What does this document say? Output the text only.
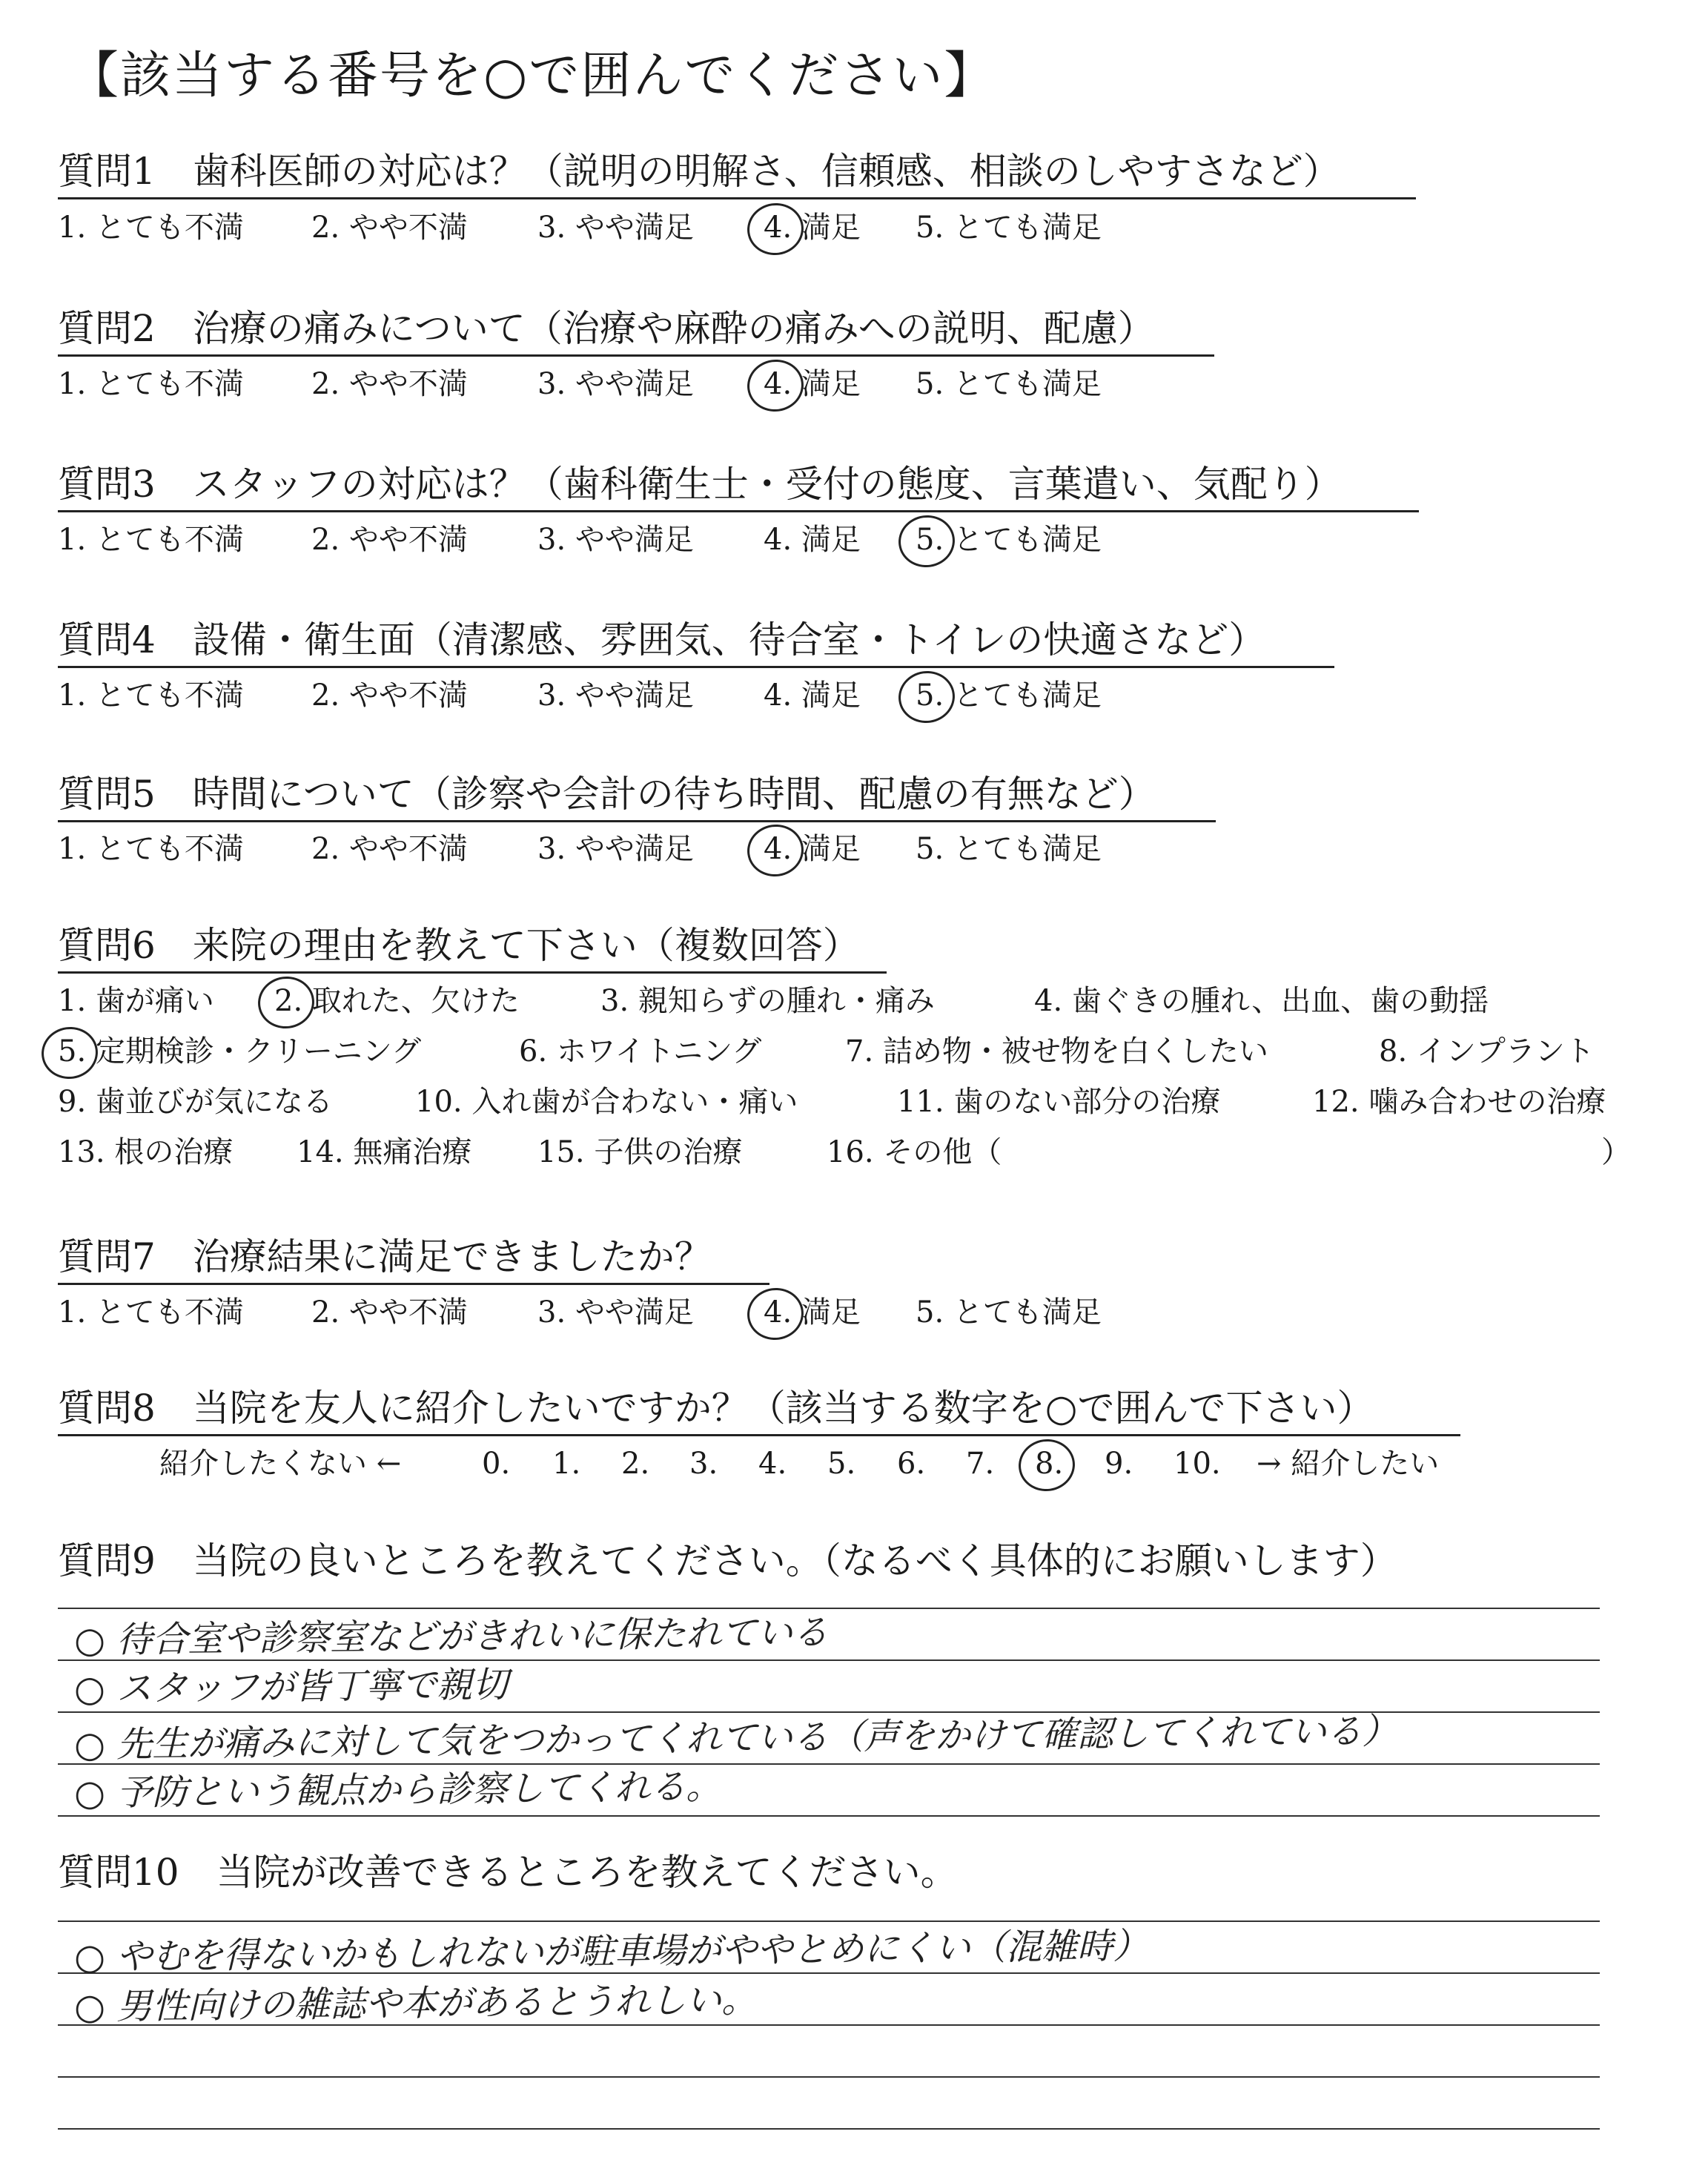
【該当する番号を○で囲んでください】
質問1　歯科医師の対応は？（説明の明解さ、信頼感、相談のしやすさなど）
1. とても不満 2. やや不満 3. やや満足 4. 満足 5. とても満足
質問2　治療の痛みについて（治療や麻酔の痛みへの説明、配慮）
1. とても不満 2. やや不満 3. やや満足 4. 満足 5. とても満足
質問3　スタッフの対応は？（歯科衛生士・受付の態度、言葉遣い、気配り）
1. とても不満 2. やや不満 3. やや満足 4. 満足 5. とても満足
質問4　設備・衛生面（清潔感、雰囲気、待合室・トイレの快適さなど）
1. とても不満 2. やや不満 3. やや満足 4. 満足 5. とても満足
質問5　時間について（診察や会計の待ち時間、配慮の有無など）
1. とても不満 2. やや不満 3. やや満足 4. 満足 5. とても満足
質問6　来院の理由を教えて下さい（複数回答）
1. 歯が痛い 2. 取れた、欠けた	3. 親知らずの腫れ・痛み	4. 歯ぐきの腫れ、出血、歯の動揺
5. 定期検診・クリーニング	6. ホワイトニング	7. 詰め物・被せ物を白くしたい	8. インプラント
9. 歯並びが気になる	10. 入れ歯が合わない・痛い	11. 歯のない部分の治療	12. 噛み合わせの治療
13. 根の治療 14. 無痛治療 15. 子供の治療	16. その他（	）
質問7　治療結果に満足できましたか？
1. とても不満 2. やや不満 3. やや満足 4. 満足 5. とても満足
質問8　当院を友人に紹介したいですか？（該当する数字を○で囲んで下さい）
紹介したくない ←	0. 1. 2. 3. 4. 5. 6. 7. 8. 9. 10. → 紹介したい
質問9　当院の良いところを教えてください。（なるべく具体的にお願いします）
○ 待合室や診察室などがきれいに保たれている
○ スタッフが皆丁寧で親切
○ 先生が痛みに対して気をつかってくれている（声をかけて確認してくれている）
○ 予防という観点から診察してくれる。
質問10　当院が改善できるところを教えてください。
○ やむを得ないかもしれないが駐車場がややとめにくい（混雑時）
○ 男性向けの雑誌や本があるとうれしい。
